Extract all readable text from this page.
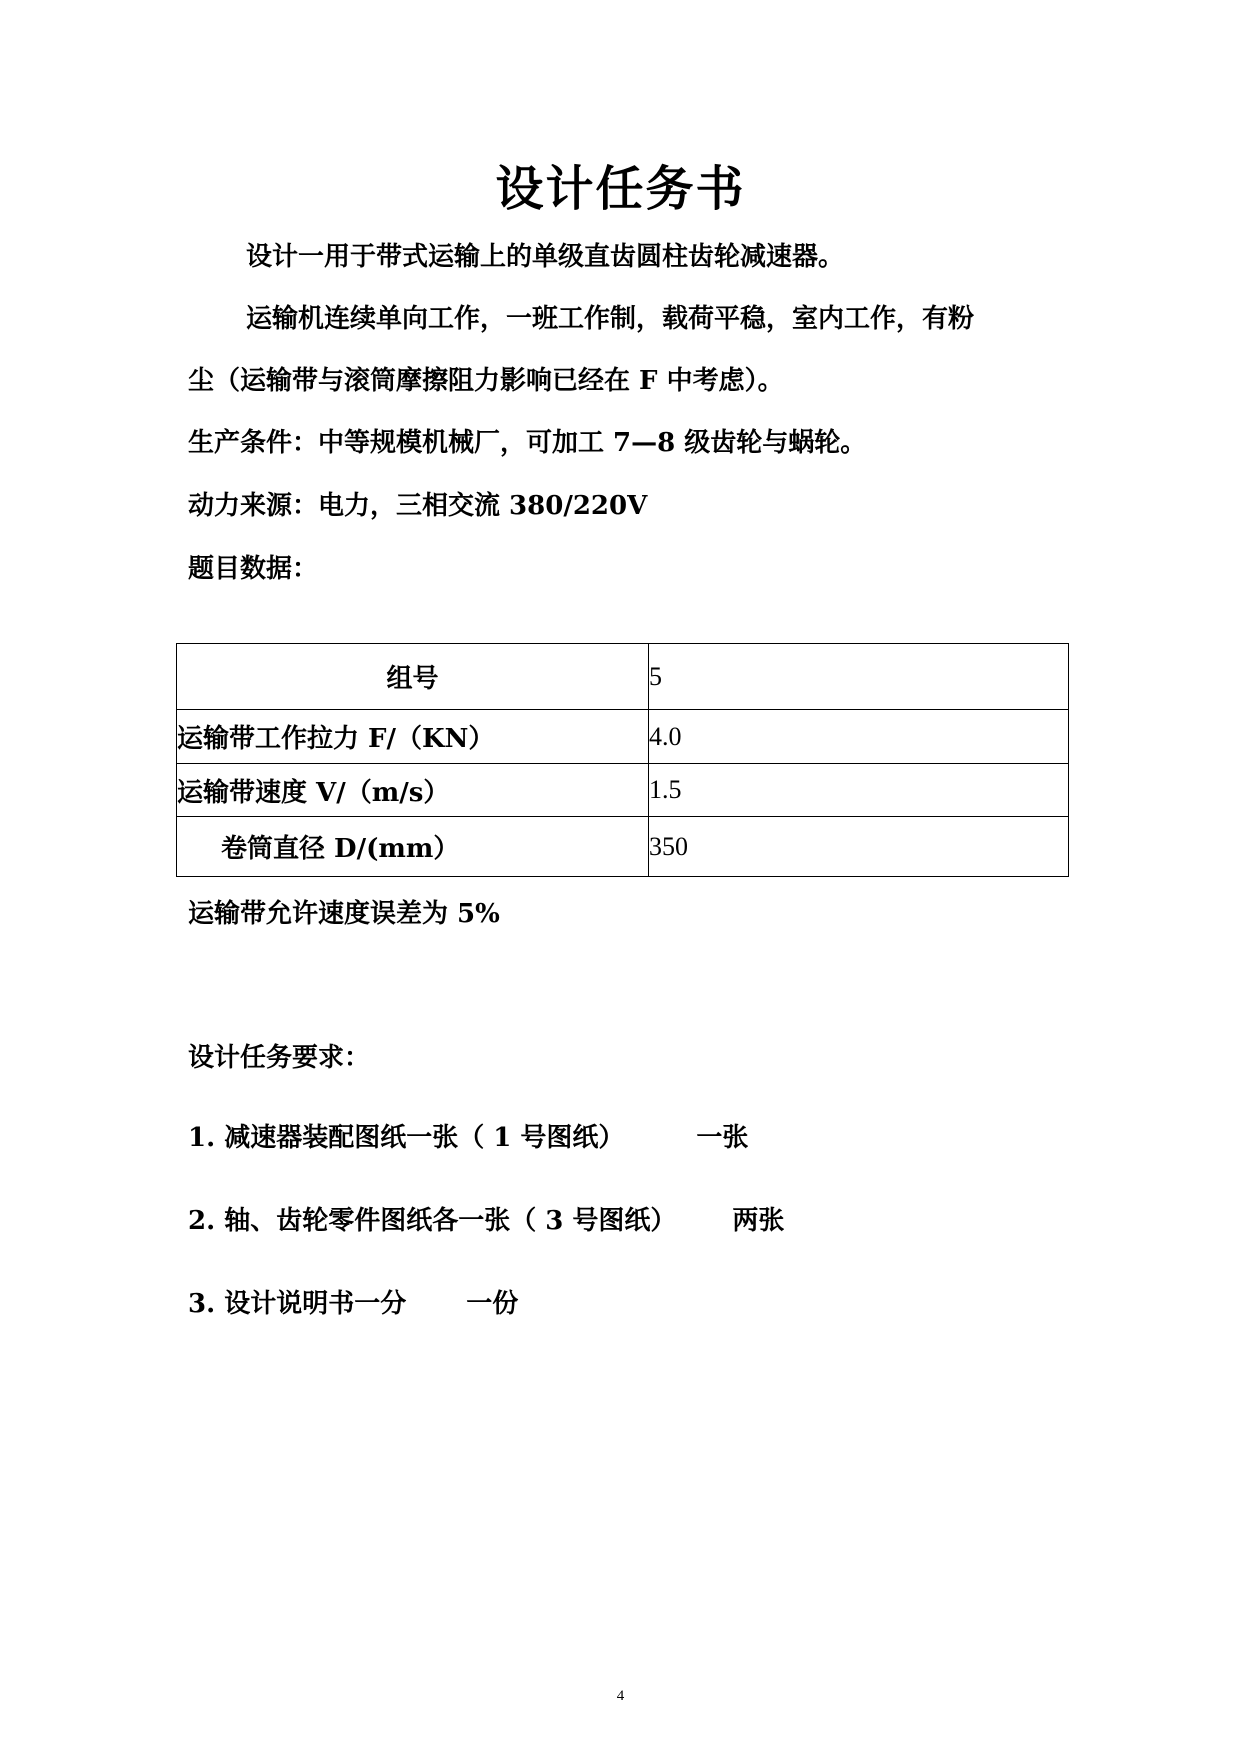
设计任务书
设计一用于带式运输上的单级直齿圆柱齿轮减速器。
运输机连续单向工作，一班工作制，载荷平稳，室内工作，有粉
尘（运输带与滚筒摩擦阻力影响已经在 F 中考虑）。
生产条件：中等规模机械厂，可加工 7—8 级齿轮与蜗轮。
动力来源：电力，三相交流 380/220V
题目数据：
组号	5
运输带工作拉力 F/（KN）	4.0
运输带速度 V/（m/s）	1.5
卷筒直径 D/(mm）	350
运输带允许速度误差为 5%
设计任务要求：
1. 减速器装配图纸一张（ 1 号图纸）	一张
2. 轴、齿轮零件图纸各一张（ 3 号图纸） 两张
3. 设计说明书一分 一份
4
